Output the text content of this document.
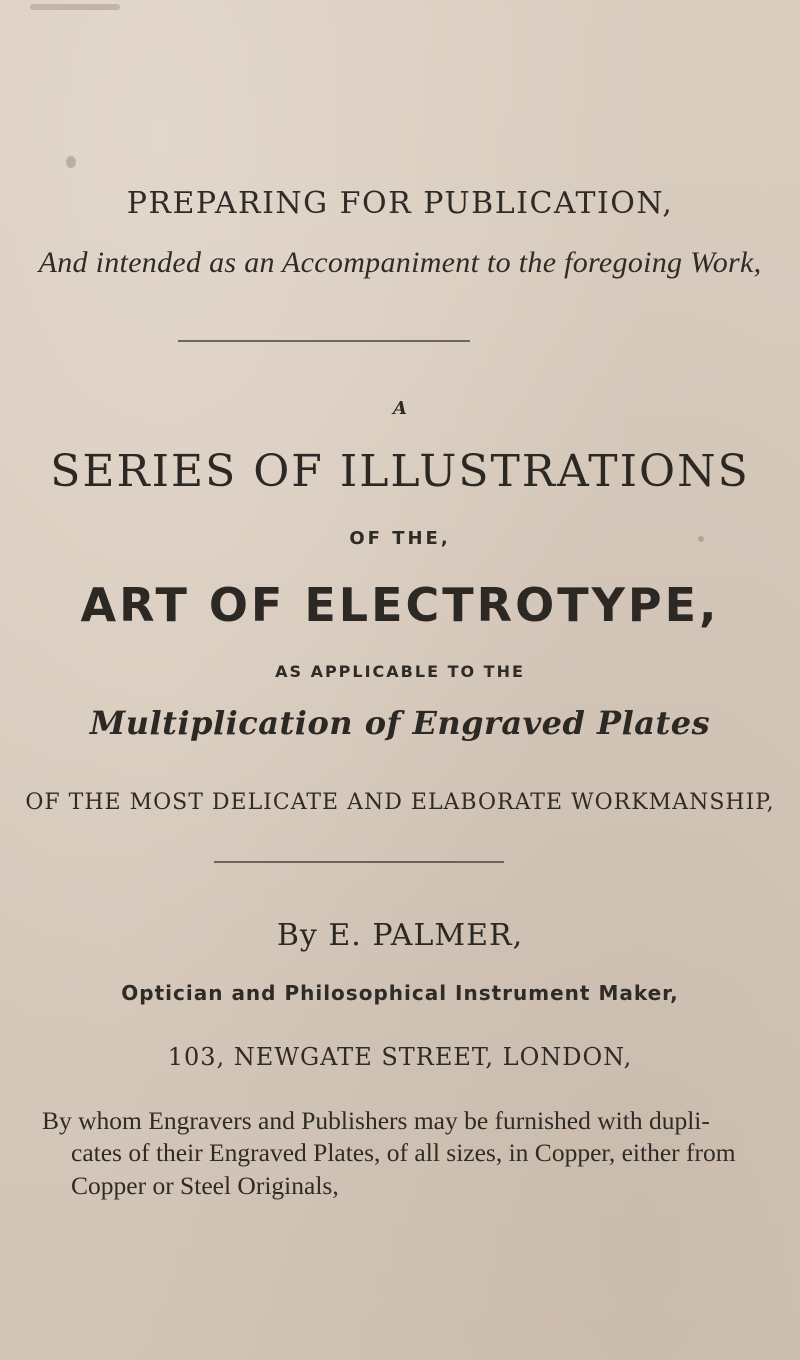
PREPARING FOR PUBLICATION,
And intended as an Accompaniment to the foregoing Work,
A
SERIES OF ILLUSTRATIONS
OF THE,
ART OF ELECTROTYPE,
AS APPLICABLE TO THE
Multiplication of Engraved Plates
OF THE MOST DELICATE AND ELABORATE WORKMANSHIP,
By E. PALMER,
Optician and Philosophical Instrument Maker,
103, NEWGATE STREET, LONDON,
By whom Engravers and Publishers may be furnished with dupli-
cates of their Engraved Plates, of all sizes, in Copper, either from
Copper or Steel Originals,
